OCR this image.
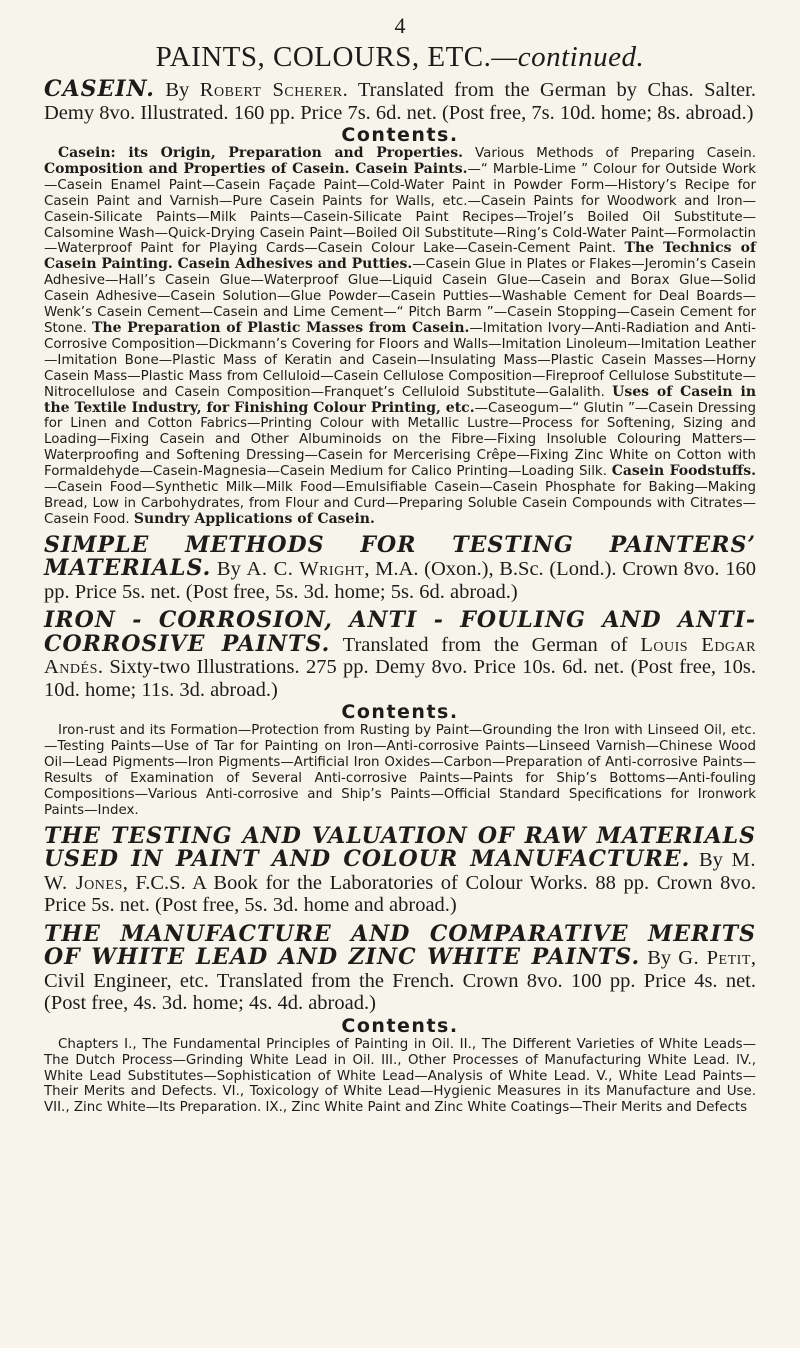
4
PAINTS, COLOURS, ETC.—continued.

CASEIN. By Robert Scherer. Translated from the German by Chas. Salter. Demy 8vo. Illustrated. 160 pp. Price 7s. 6d. net. (Post free, 7s. 10d. home; 8s. abroad.)

Contents.

Casein: its Origin, Preparation and Properties. Various Methods of Preparing Casein. Composition and Properties of Casein. Casein Paints.—“ Marble-Lime ” Colour for Outside Work—Casein Enamel Paint—Casein Façade Paint—Cold-Water Paint in Powder Form—History’s Recipe for Casein Paint and Varnish—Pure Casein Paints for Walls, etc.—Casein Paints for Woodwork and Iron—Casein-Silicate Paints—Milk Paints—Casein-Silicate Paint Recipes—Trojel’s Boiled Oil Substitute—Calsomine Wash—Quick-Drying Casein Paint—Boiled Oil Substitute—Ring’s Cold-Water Paint—Formolactin—Waterproof Paint for Playing Cards—Casein Colour Lake—Casein-Cement Paint. The Technics of Casein Painting. Casein Adhesives and Putties.—Casein Glue in Plates or Flakes—Jeromin’s Casein Adhesive—Hall’s Casein Glue—Waterproof Glue—Liquid Casein Glue—Casein and Borax Glue—Solid Casein Adhesive—Casein Solution—Glue Powder—Casein Putties—Washable Cement for Deal Boards—Wenk’s Casein Cement—Casein and Lime Cement—“ Pitch Barm ”—Casein Stopping—Casein Cement for Stone. The Preparation of Plastic Masses from Casein.—Imitation Ivory—Anti-Radiation and Anti-Corrosive Composition—Dickmann’s Covering for Floors and Walls—Imitation Linoleum—Imitation Leather—Imitation Bone—Plastic Mass of Keratin and Casein—Insulating Mass—Plastic Casein Masses—Horny Casein Mass—Plastic Mass from Celluloid—Casein Cellulose Composition—Fireproof Cellulose Substitute—Nitrocellulose and Casein Composition—Franquet’s Celluloid Substitute—Galalith. Uses of Casein in the Textile Industry, for Finishing Colour Printing, etc.—Caseogum—“ Glutin ”—Casein Dressing for Linen and Cotton Fabrics—Printing Colour with Metallic Lustre—Process for Softening, Sizing and Loading—Fixing Casein and Other Albuminoids on the Fibre—Fixing Insoluble Colouring Matters—Waterproofing and Softening Dressing—Casein for Mercerising Crêpe—Fixing Zinc White on Cotton with Formaldehyde—Casein-Magnesia—Casein Medium for Calico Printing—Loading Silk. Casein Foodstuffs.—Casein Food—Synthetic Milk—Milk Food—Emulsifiable Casein—Casein Phosphate for Baking—Making Bread, Low in Carbohydrates, from Flour and Curd—Preparing Soluble Casein Compounds with Citrates—Casein Food. Sundry Applications of Casein.

SIMPLE METHODS FOR TESTING PAINTERS’ MATERIALS. By A. C. Wright, M.A. (Oxon.), B.Sc. (Lond.). Crown 8vo. 160 pp. Price 5s. net. (Post free, 5s. 3d. home; 5s. 6d. abroad.)

IRON - CORROSION, ANTI - FOULING AND ANTI-CORROSIVE PAINTS. Translated from the German of Louis Edgar Andés. Sixty-two Illustrations. 275 pp. Demy 8vo. Price 10s. 6d. net. (Post free, 10s. 10d. home; 11s. 3d. abroad.)

Contents.

Iron-rust and its Formation—Protection from Rusting by Paint—Grounding the Iron with Linseed Oil, etc.—Testing Paints—Use of Tar for Painting on Iron—Anti-corrosive Paints—Linseed Varnish—Chinese Wood Oil—Lead Pigments—Iron Pigments—Artificial Iron Oxides—Carbon—Preparation of Anti-corrosive Paints—Results of Examination of Several Anti-corrosive Paints—Paints for Ship’s Bottoms—Anti-fouling Compositions—Various Anti-corrosive and Ship’s Paints—Official Standard Specifications for Ironwork Paints—Index.

THE TESTING AND VALUATION OF RAW MATERIALS USED IN PAINT AND COLOUR MANUFACTURE. By M. W. Jones, F.C.S. A Book for the Laboratories of Colour Works. 88 pp. Crown 8vo. Price 5s. net. (Post free, 5s. 3d. home and abroad.)

THE MANUFACTURE AND COMPARATIVE MERITS OF WHITE LEAD AND ZINC WHITE PAINTS. By G. Petit, Civil Engineer, etc. Translated from the French. Crown 8vo. 100 pp. Price 4s. net. (Post free, 4s. 3d. home; 4s. 4d. abroad.)

Contents.

Chapters I., The Fundamental Principles of Painting in Oil. II., The Different Varieties of White Leads—The Dutch Process—Grinding White Lead in Oil. III., Other Processes of Manufacturing White Lead. IV., White Lead Substitutes—Sophistication of White Lead—Analysis of White Lead. V., White Lead Paints—Their Merits and Defects. VI., Toxicology of White Lead—Hygienic Measures in its Manufacture and Use. VII., Zinc White—Its Preparation. IX., Zinc White Paint and Zinc White Coatings—Their Merits and Defects
